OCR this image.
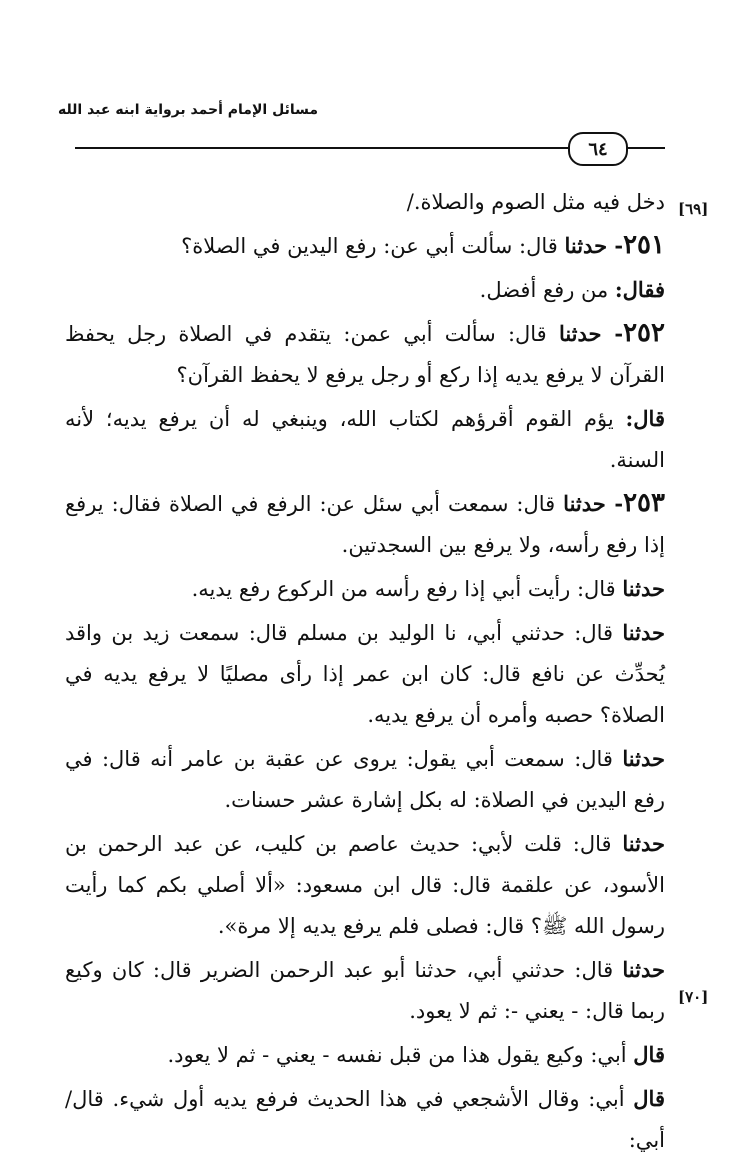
مسائل الإمام أحمد برواية ابنه عبد الله
٦٤
[٦٩]
[٧٠]

دخل فيه مثل الصوم والصلاة./

٢٥١- حدثنا قال: سألت أبي عن: رفع اليدين في الصلاة؟

فقال: من رفع أفضل.

٢٥٢- حدثنا قال: سألت أبي عمن: يتقدم في الصلاة رجل يحفظ القرآن لا يرفع يديه إذا ركع أو رجل يرفع لا يحفظ القرآن؟

قال: يؤم القوم أقرؤهم لكتاب الله، وينبغي له أن يرفع يديه؛ لأنه السنة.

٢٥٣- حدثنا قال: سمعت أبي سئل عن: الرفع في الصلاة فقال: يرفع إذا رفع رأسه، ولا يرفع بين السجدتين.

حدثنا قال: رأيت أبي إذا رفع رأسه من الركوع رفع يديه.

حدثنا قال: حدثني أبي، نا الوليد بن مسلم قال: سمعت زيد بن واقد يُحدِّث عن نافع قال: كان ابن عمر إذا رأى مصليًا لا يرفع يديه في الصلاة؟ حصبه وأمره أن يرفع يديه.

حدثنا قال: سمعت أبي يقول: يروى عن عقبة بن عامر أنه قال: في رفع اليدين في الصلاة: له بكل إشارة عشر حسنات.

حدثنا قال: قلت لأبي: حديث عاصم بن كليب، عن عبد الرحمن بن الأسود، عن علقمة قال: قال ابن مسعود: «ألا أصلي بكم كما رأيت رسول الله ﷺ؟ قال: فصلى فلم يرفع يديه إلا مرة».

حدثنا قال: حدثني أبي، حدثنا أبو عبد الرحمن الضرير قال: كان وكيع ربما قال: - يعني -: ثم لا يعود.

قال أبي: وكيع يقول هذا من قبل نفسه - يعني - ثم لا يعود.

قال أبي: وقال الأشجعي في هذا الحديث فرفع يديه أول شيء. قال/ أبي:
